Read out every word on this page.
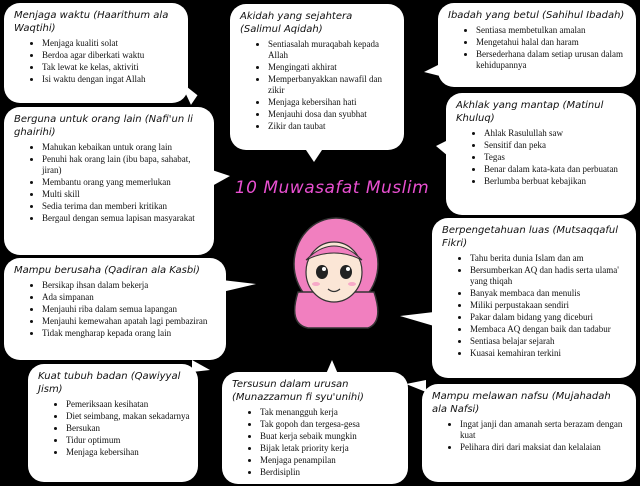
10 Muwasafat Muslim
Menjaga waktu (Haarithum ala Waqtihi)
• Menjaga kualiti solat
• Berdoa agar diberkati waktu
• Tak lewat ke kelas, aktiviti
• Isi waktu dengan ingat Allah
Akidah yang sejahtera (Salimul Aqidah)
• Sentiasalah muraqabah kepada Allah
• Mengingati akhirat
• Memperbanyakkan nawafil dan zikir
• Menjaga kebersihan hati
• Menjauhi dosa dan syubhat
• Zikir dan taubat
Ibadah yang betul (Sahihul Ibadah)
• Sentiasa membetulkan amalan
• Mengetahui halal dan haram
• Bersederhana dalam setiap urusan dalam kehidupannya
Berguna untuk orang lain (Nafi'un li ghairihi)
• Mahukan kebaikan untuk orang lain
• Penuhi hak orang lain (ibu bapa, sahabat, jiran)
• Membantu orang yang memerlukan
• Multi skill
• Sedia terima dan memberi kritikan
• Bergaul dengan semua lapisan masyarakat
Akhlak yang mantap (Matinul Khuluq)
• Ahlak Rasulullah saw
• Sensitif dan peka
• Tegas
• Benar dalam kata-kata dan perbuatan
• Berlumba berbuat kebajikan
Berpengetahuan luas (Mutsaqqaful Fikri)
• Tahu berita dunia Islam dan am
• Bersumberkan AQ dan hadis serta ulama' yang thiqah
• Banyak membaca dan menulis
• Miliki perpustakaan sendiri
• Pakar dalam bidang yang diceburi
• Membaca AQ dengan baik dan tadabur
• Sentiasa belajar sejarah
• Kuasai kemahiran terkini
Mampu berusaha (Qadiran ala Kasbi)
• Bersikap ihsan dalam bekerja
• Ada simpanan
• Menjauhi riba dalam semua lapangan
• Menjauhi kemewahan apatah lagi pembaziran
• Tidak mengharap kepada orang lain
Kuat tubuh badan (Qawiyyal Jism)
• Pemeriksaan kesihatan
• Diet seimbang, makan sekadarnya
• Bersukan
• Tidur optimum
• Menjaga kebersihan
Tersusun dalam urusan (Munazzamun fi syu'unihi)
• Tak menangguh kerja
• Tak gopoh dan tergesa-gesa
• Buat kerja sebaik mungkin
• Bijak letak priority kerja
• Menjaga penampilan
• Berdisiplin
Mampu melawan nafsu (Mujahadah ala Nafsi)
• Ingat janji dan amanah serta berazam dengan kuat
• Pelihara diri dari maksiat dan kelalaian
